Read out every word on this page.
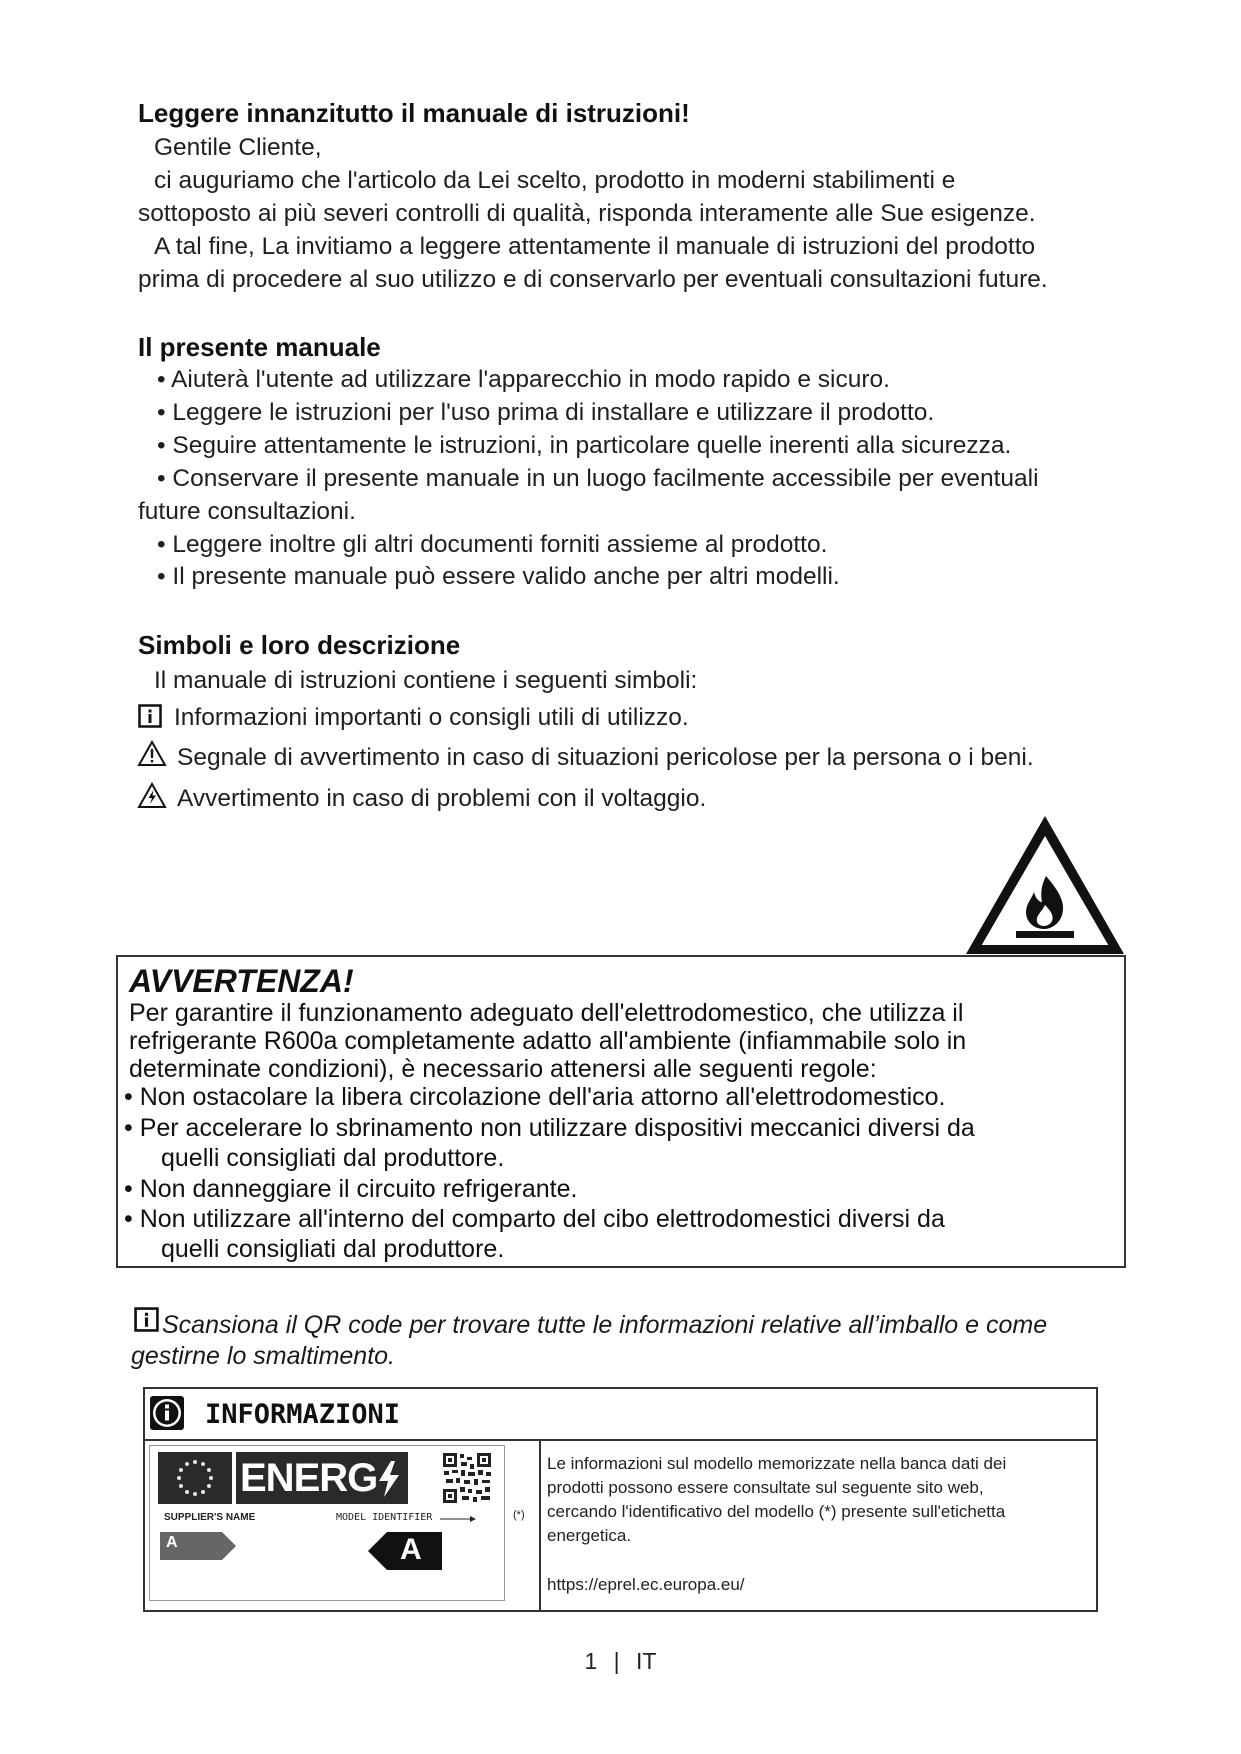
Leggere innanzitutto il manuale di istruzioni!
Gentile Cliente,
ci auguriamo che l'articolo da Lei scelto, prodotto in moderni stabilimenti e
sottoposto ai più severi controlli di qualità, risponda interamente alle Sue esigenze.
A tal fine, La invitiamo a leggere attentamente il manuale di istruzioni del prodotto
prima di procedere al suo utilizzo e di conservarlo per eventuali consultazioni future.
Il presente manuale
• Aiuterà l'utente ad utilizzare l'apparecchio in modo rapido e sicuro.
• Leggere le istruzioni per l'uso prima di installare e utilizzare il prodotto.
• Seguire attentamente le istruzioni, in particolare quelle inerenti alla sicurezza.
• Conservare il presente manuale in un luogo facilmente accessibile per eventuali
future consultazioni.
• Leggere inoltre gli altri documenti forniti assieme al prodotto.
• Il presente manuale può essere valido anche per altri modelli.
Simboli e loro descrizione
Il manuale di istruzioni contiene i seguenti simboli:
Informazioni importanti o consigli utili di utilizzo.
Segnale di avvertimento in caso di situazioni pericolose per la persona o i beni.
Avvertimento in caso di problemi con il voltaggio.
AVVERTENZA!
Per garantire il funzionamento adeguato dell'elettrodomestico, che utilizza il
refrigerante R600a completamente adatto all'ambiente (infiammabile solo in
determinate condizioni), è necessario attenersi alle seguenti regole:
• Non ostacolare la libera circolazione dell'aria attorno all'elettrodomestico.
• Per accelerare lo sbrinamento non utilizzare dispositivi meccanici diversi da
quelli consigliati dal produttore.
• Non danneggiare il circuito refrigerante.
• Non utilizzare all'interno del comparto del cibo elettrodomestici diversi da
quelli consigliati dal produttore.
Scansiona il QR code per trovare tutte le informazioni relative all’imballo e come
gestirne lo smaltimento.
INFORMAZIONI
ENERG
SUPPLIER'S NAME	MODEL IDENTIFIER
A	A
(*)
Le informazioni sul modello memorizzate nella banca dati dei
prodotti possono essere consultate sul seguente sito web,
cercando l'identificativo del modello (*) presente sull'etichetta
energetica.
https://eprel.ec.europa.eu/
1 | IT
